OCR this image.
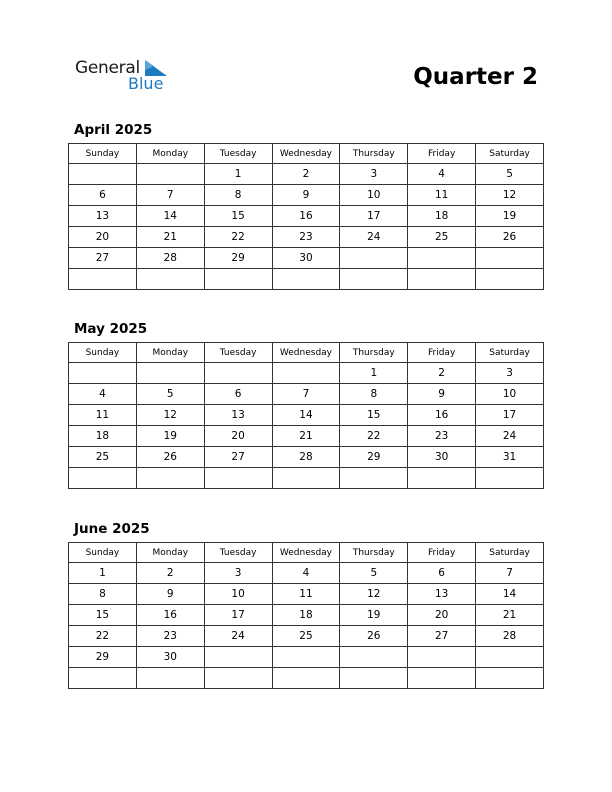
General
Blue	Quarter 2
April 2025
Sunday	Monday	Tuesday	Wednesday	Thursday	Friday	Saturday
		1	2	3	4	5
6	7	8	9	10	11	12
13	14	15	16	17	18	19
20	21	22	23	24	25	26
27	28	29	30			

May 2025
Sunday	Monday	Tuesday	Wednesday	Thursday	Friday	Saturday
				1	2	3
4	5	6	7	8	9	10
11	12	13	14	15	16	17
18	19	20	21	22	23	24
25	26	27	28	29	30	31

June 2025
Sunday	Monday	Tuesday	Wednesday	Thursday	Friday	Saturday
1	2	3	4	5	6	7
8	9	10	11	12	13	14
15	16	17	18	19	20	21
22	23	24	25	26	27	28
29	30					
